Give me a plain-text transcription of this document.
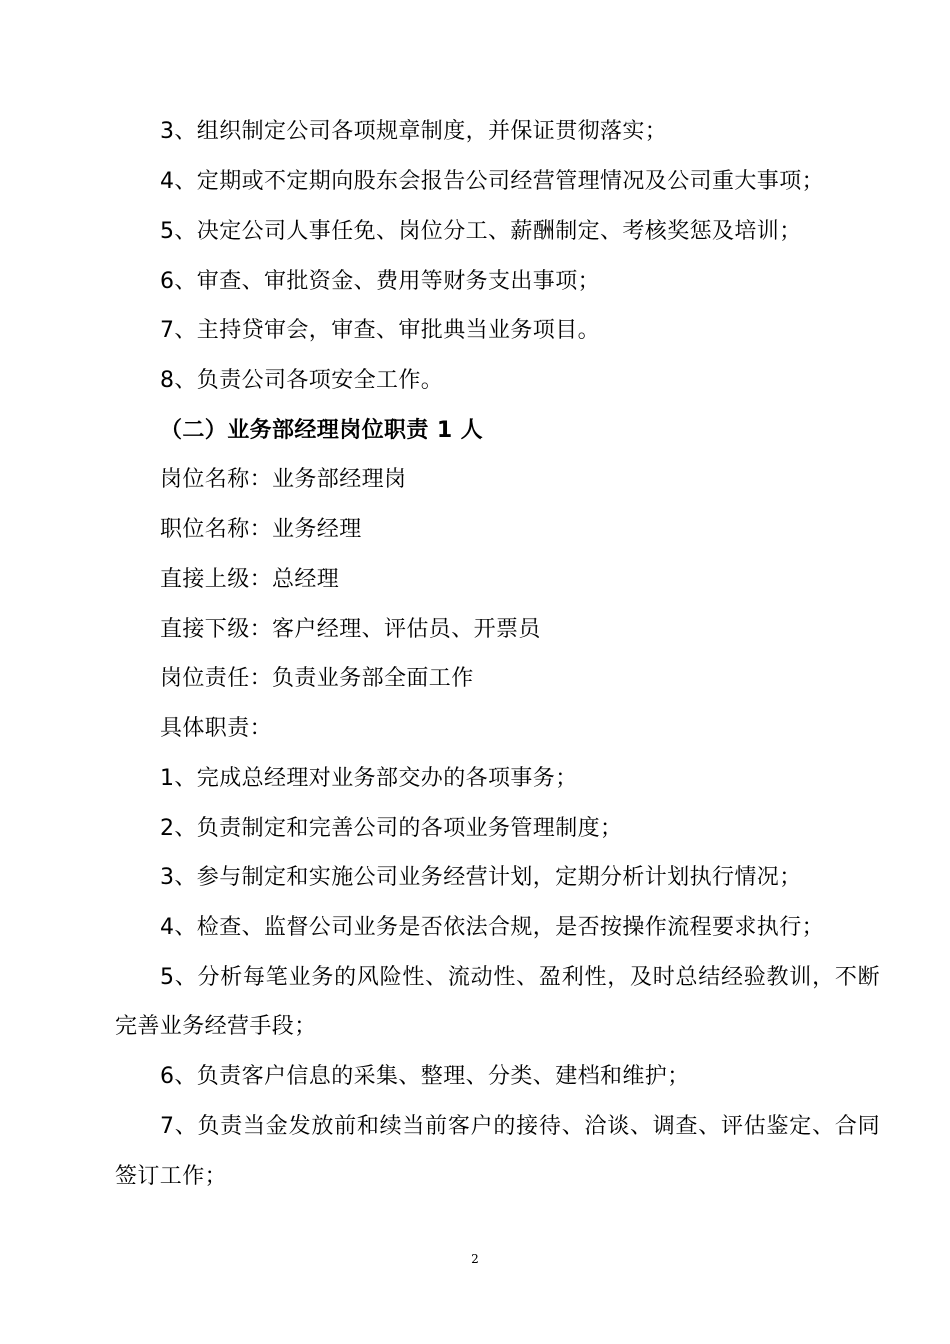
3、组织制定公司各项规章制度，并保证贯彻落实；
4、定期或不定期向股东会报告公司经营管理情况及公司重大事项；
5、决定公司人事任免、岗位分工、薪酬制定、考核奖惩及培训；
6、审查、审批资金、费用等财务支出事项；
7、主持贷审会，审查、审批典当业务项目。
8、负责公司各项安全工作。
（二）业务部经理岗位职责 1 人
岗位名称：业务部经理岗
职位名称：业务经理
直接上级：总经理
直接下级：客户经理、评估员、开票员
岗位责任：负责业务部全面工作
具体职责：
1、完成总经理对业务部交办的各项事务；
2、负责制定和完善公司的各项业务管理制度；
3、参与制定和实施公司业务经营计划，定期分析计划执行情况；
4、检查、监督公司业务是否依法合规，是否按操作流程要求执行；
5、分析每笔业务的风险性、流动性、盈利性，及时总结经验教训，不断
完善业务经营手段；
6、负责客户信息的采集、整理、分类、建档和维护；
7、负责当金发放前和续当前客户的接待、洽谈、调查、评估鉴定、合同
签订工作；
2
